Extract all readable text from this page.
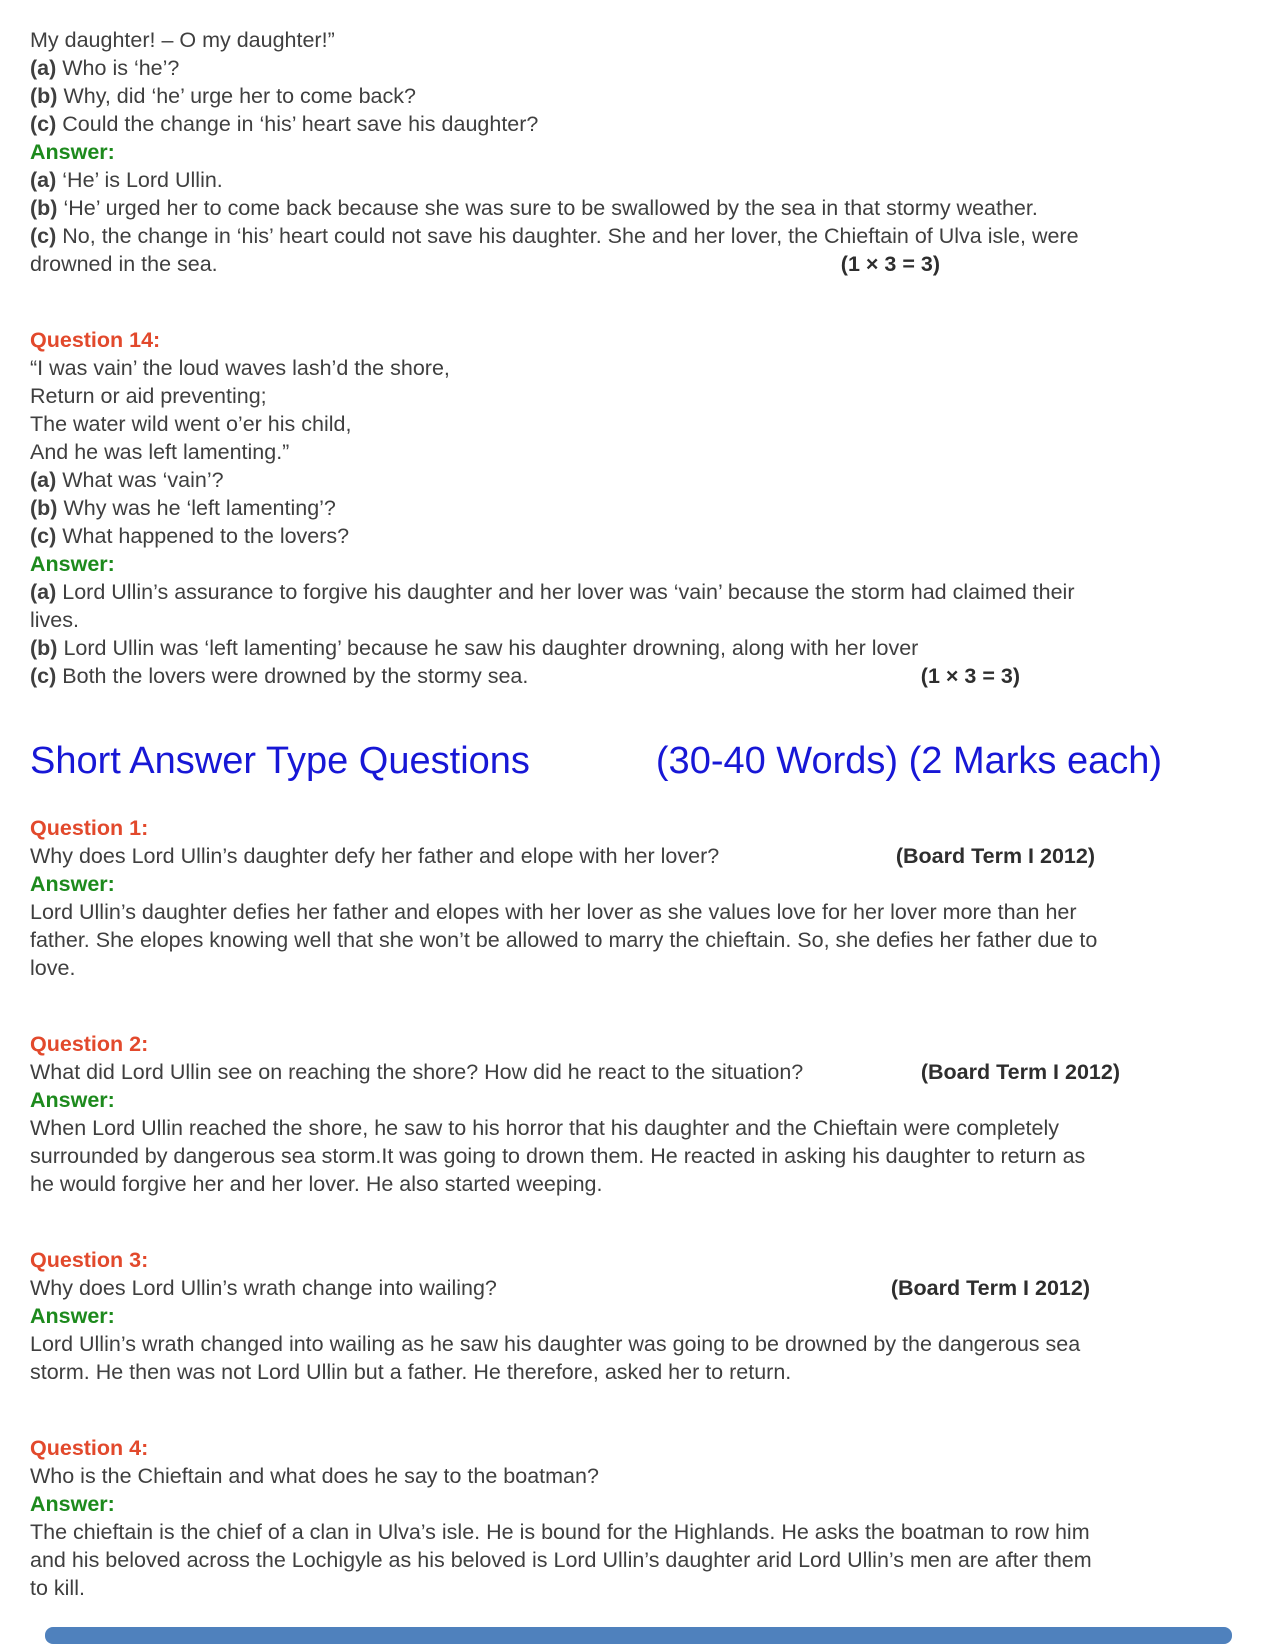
My daughter! – O my daughter!”
(a) Who is ‘he’?
(b) Why, did ‘he’ urge her to come back?
(c) Could the change in ‘his’ heart save his daughter?
Answer:
(a) ‘He’ is Lord Ullin.
(b) ‘He’ urged her to come back because she was sure to be swallowed by the sea in that stormy weather.
(c) No, the change in ‘his’ heart could not save his daughter. She and her lover, the Chieftain of Ulva isle, were
drowned in the sea.	(1 × 3 = 3)
Question 14:
“I was vain’ the loud waves lash’d the shore,
Return or aid preventing;
The water wild went o’er his child,
And he was left lamenting.”
(a) What was ‘vain’?
(b) Why was he ‘left lamenting’?
(c) What happened to the lovers?
Answer:
(a) Lord Ullin’s assurance to forgive his daughter and her lover was ‘vain’ because the storm had claimed their
lives.
(b) Lord Ullin was ‘left lamenting’ because he saw his daughter drowning, along with her lover
(c) Both the lovers were drowned by the stormy sea.	(1 × 3 = 3)
Short Answer Type Questions	(30-40 Words) (2 Marks each)
Question 1:
Why does Lord Ullin’s daughter defy her father and elope with her lover?	(Board Term I 2012)
Answer:
Lord Ullin’s daughter defies her father and elopes with her lover as she values love for her lover more than her
father. She elopes knowing well that she won’t be allowed to marry the chieftain. So, she defies her father due to
love.
Question 2:
What did Lord Ullin see on reaching the shore? How did he react to the situation?	(Board Term I 2012)
Answer:
When Lord Ullin reached the shore, he saw to his horror that his daughter and the Chieftain were completely
surrounded by dangerous sea storm.It was going to drown them. He reacted in asking his daughter to return as
he would forgive her and her lover. He also started weeping.
Question 3:
Why does Lord Ullin’s wrath change into wailing?	(Board Term I 2012)
Answer:
Lord Ullin’s wrath changed into wailing as he saw his daughter was going to be drowned by the dangerous sea
storm. He then was not Lord Ullin but a father. He therefore, asked her to return.
Question 4:
Who is the Chieftain and what does he say to the boatman?
Answer:
The chieftain is the chief of a clan in Ulva’s isle. He is bound for the Highlands. He asks the boatman to row him
and his beloved across the Lochigyle as his beloved is Lord Ullin’s daughter arid Lord Ullin’s men are after them
to kill.
